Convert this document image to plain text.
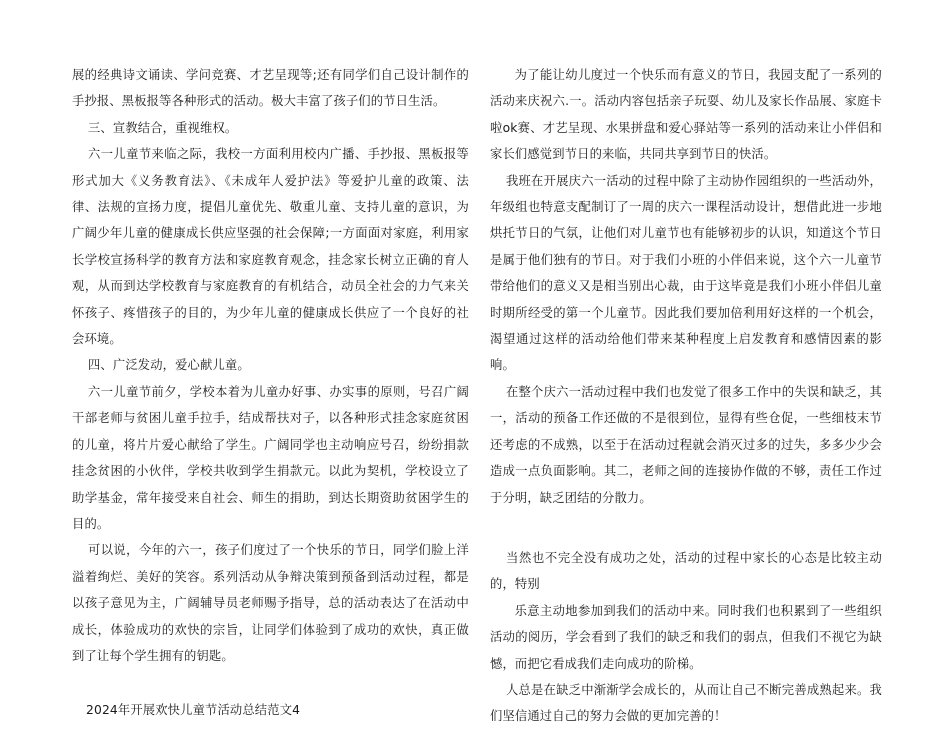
展的经典诗文诵读、学问竞赛、才艺呈现等;还有同学们自己设计制作的手抄报、黑板报等各种形式的活动。极大丰富了孩子们的节日生活。

三、宣教结合，重视维权。

六一儿童节来临之际，我校一方面利用校内广播、手抄报、黑板报等形式加大《义务教育法》、《未成年人爱护法》等爱护儿童的政策、法律、法规的宣扬力度，提倡儿童优先、敬重儿童、支持儿童的意识，为广阔少年儿童的健康成长供应坚强的社会保障;一方面面对家庭，利用家长学校宣扬科学的教育方法和家庭教育观念，挂念家长树立正确的育人观，从而到达学校教育与家庭教育的有机结合，动员全社会的力气来关怀孩子、疼惜孩子的目的，为少年儿童的健康成长供应了一个良好的社会环境。

四、广泛发动，爱心献儿童。

六一儿童节前夕，学校本着为儿童办好事、办实事的原则，号召广阔干部老师与贫困儿童手拉手，结成帮扶对子，以各种形式挂念家庭贫困的儿童，将片片爱心献给了学生。广阔同学也主动响应号召，纷纷捐款挂念贫困的小伙伴，学校共收到学生捐款元。以此为契机，学校设立了助学基金，常年接受来自社会、师生的捐助，到达长期资助贫困学生的目的。

可以说，今年的六一，孩子们度过了一个快乐的节日，同学们脸上洋溢着绚烂、美好的笑容。系列活动从争辩决策到预备到活动过程，都是以孩子意见为主，广阔辅导员老师赐予指导，总的活动表达了在活动中成长，体验成功的欢快的宗旨，让同学们体验到了成功的欢快，真正做到了让每个学生拥有的钥匙。

2024年开展欢快儿童节活动总结范文4

为了能让幼儿度过一个快乐而有意义的节日，我园支配了一系列的活动来庆祝六.一。活动内容包括亲子玩耍、幼儿及家长作品展、家庭卡啦ok赛、才艺呈现、水果拼盘和爱心驿站等一系列的活动来让小伴侣和家长们感觉到节日的来临，共同共享到节日的快活。

我班在开展庆六一活动的过程中除了主动协作园组织的一些活动外，年级组也特意支配制订了一周的庆六一课程活动设计，想借此进一步地烘托节日的气氛，让他们对儿童节也有能够初步的认识，知道这个节日是属于他们独有的节日。对于我们小班的小伴侣来说，这个六一儿童节带给他们的意义又是相当别出心裁，由于这毕竟是我们小班小伴侣儿童时期所经受的第一个儿童节。因此我们要加倍利用好这样的一个机会，渴望通过这样的活动给他们带来某种程度上启发教育和感情因素的影响。

在整个庆六一活动过程中我们也发觉了很多工作中的失误和缺乏，其一，活动的预备工作还做的不是很到位，显得有些仓促，一些细枝末节还考虑的不成熟，以至于在活动过程就会消灭过多的过失，多多少少会造成一点负面影响。其二，老师之间的连接协作做的不够，责任工作过于分明，缺乏团结的分散力。

当然也不完全没有成功之处，活动的过程中家长的心态是比较主动的，特别

乐意主动地参加到我们的活动中来。同时我们也积累到了一些组织活动的阅历，学会看到了我们的缺乏和我们的弱点，但我们不视它为缺憾，而把它看成我们走向成功的阶梯。

人总是在缺乏中渐渐学会成长的，从而让自己不断完善成熟起来。我们坚信通过自己的努力会做的更加完善的！
